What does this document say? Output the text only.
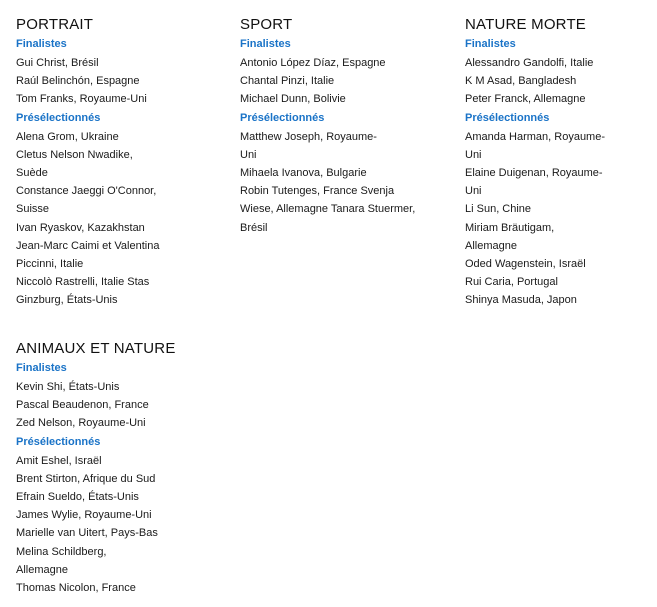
PORTRAIT
Finalistes
Gui Christ, Brésil
Raúl Belinchón, Espagne
Tom Franks, Royaume-Uni
Présélectionnés
Alena Grom, Ukraine
Cletus Nelson Nwadike,
Suède
Constance Jaeggi O'Connor,
Suisse
Ivan Ryaskov, Kazakhstan
Jean-Marc Caimi et Valentina
Piccinni, Italie
Niccolò Rastrelli, Italie Stas
Ginzburg, États-Unis
SPORT
Finalistes
Antonio López Díaz, Espagne
Chantal Pinzi, Italie
Michael Dunn, Bolivie
Présélectionnés
Matthew Joseph, Royaume-
Uni
Mihaela Ivanova, Bulgarie
Robin Tutenges, France Svenja
Wiese, Allemagne Tanara Stuermer,
Brésil
NATURE MORTE
Finalistes
Alessandro Gandolfi, Italie
K M Asad, Bangladesh
Peter Franck, Allemagne
Présélectionnés
Amanda Harman, Royaume-
Uni
Elaine Duigenan, Royaume-
Uni
Li Sun, Chine
Miriam Bräutigam,
Allemagne
Oded Wagenstein, Israël
Rui Caria, Portugal
Shinya Masuda, Japon
ANIMAUX ET NATURE
Finalistes
Kevin Shi, États-Unis
Pascal Beaudenon, France
Zed Nelson, Royaume-Uni
Présélectionnés
Amit Eshel, Israël
Brent Stirton, Afrique du Sud
Efrain Sueldo, États-Unis
James Wylie, Royaume-Uni
Marielle van Uitert, Pays-Bas
Melina Schildberg,
Allemagne
Thomas Nicolon, France
